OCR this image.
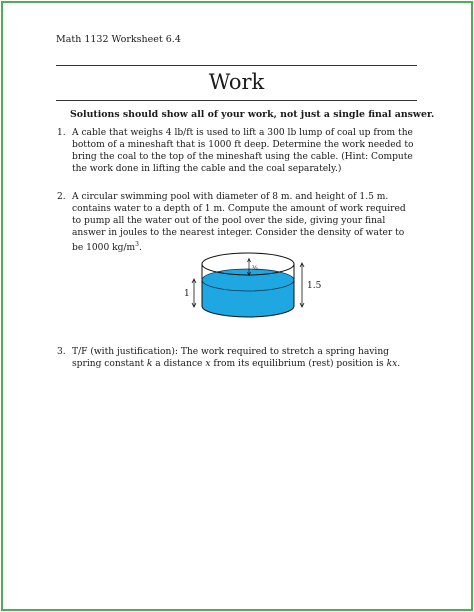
Math 1132 Worksheet 6.4
Work
Solutions should show all of your work, not just a single final answer.
1. A cable that weighs 4 lb/ft is used to lift a 300 lb lump of coal up from the bottom of a mineshaft that is 1000 ft deep. Determine the work needed to bring the coal to the top of the mineshaft using the cable. (Hint: Compute the work done in lifting the cable and the coal separately.)
2. A circular swimming pool with diameter of 8 m. and height of 1.5 m. contains water to a depth of 1 m. Compute the amount of work required to pump all the water out of the pool over the side, giving your final answer in joules to the nearest integer. Consider the density of water to be 1000 $kg/m^3$.
1
1.5
½
3. T/F (with justification): The work required to stretch a spring having spring constant k a distance x from its equilibrium (rest) position is kx.
